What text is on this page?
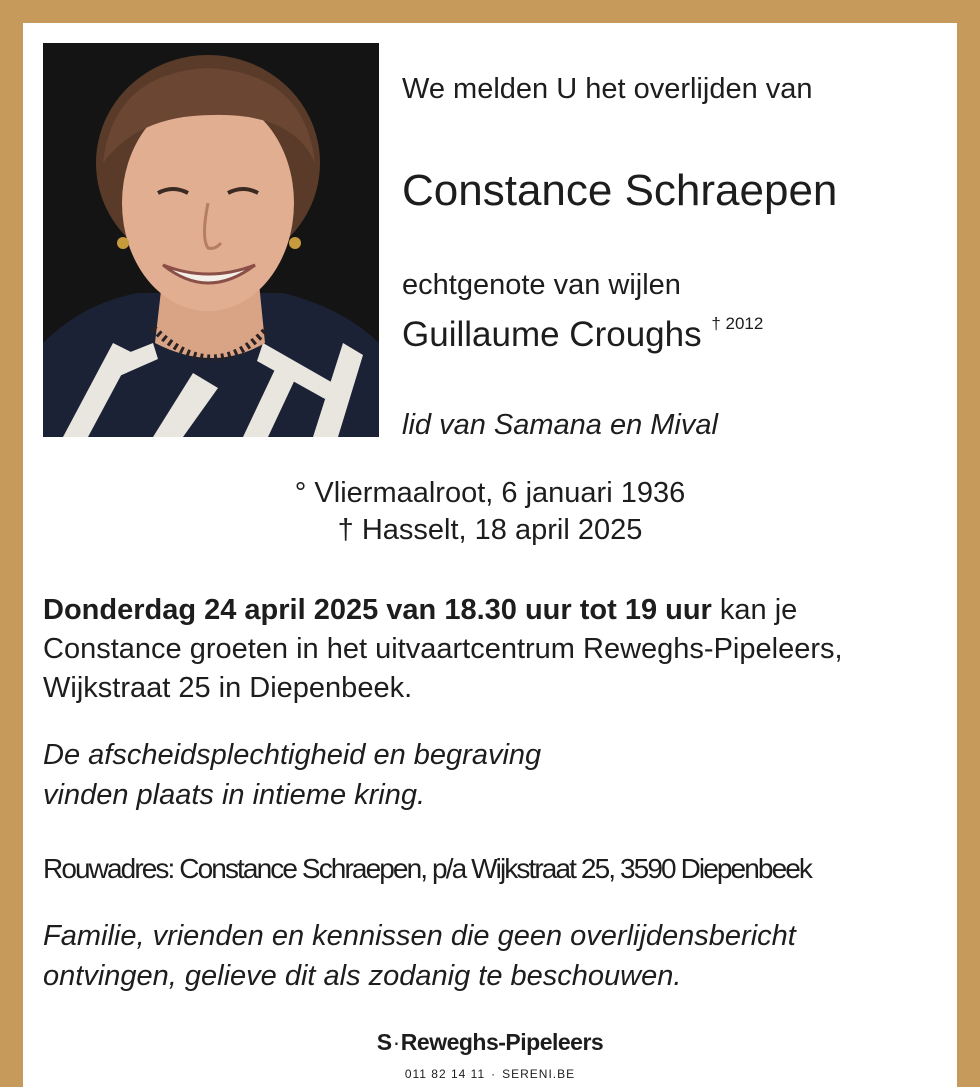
We melden U het overlijden van

Constance Schraepen

echtgenote van wijlen

Guillaume Croughs $^{\dagger 2012}$

lid van Samana en Mival

° Vliermaalroot, 6 januari 1936

† Hasselt, 18 april 2025

Donderdag 24 april 2025 van 18.30 uur tot 19 uur kan je Constance groeten in het uitvaartcentrum Reweghs-Pipeleers, Wijkstraat 25 in Diepenbeek.

De afscheidsplechtigheid en begraving
vinden plaats in intieme kring.

Rouwadres: Constance Schraepen, p/a Wijkstraat 25, 3590 Diepenbeek

Familie, vrienden en kennissen die geen overlijdensbericht
ontvingen, gelieve dit als zodanig te beschouwen.

S·Reweghs-Pipeleers

011 82 14 11 · SERENI.BE
